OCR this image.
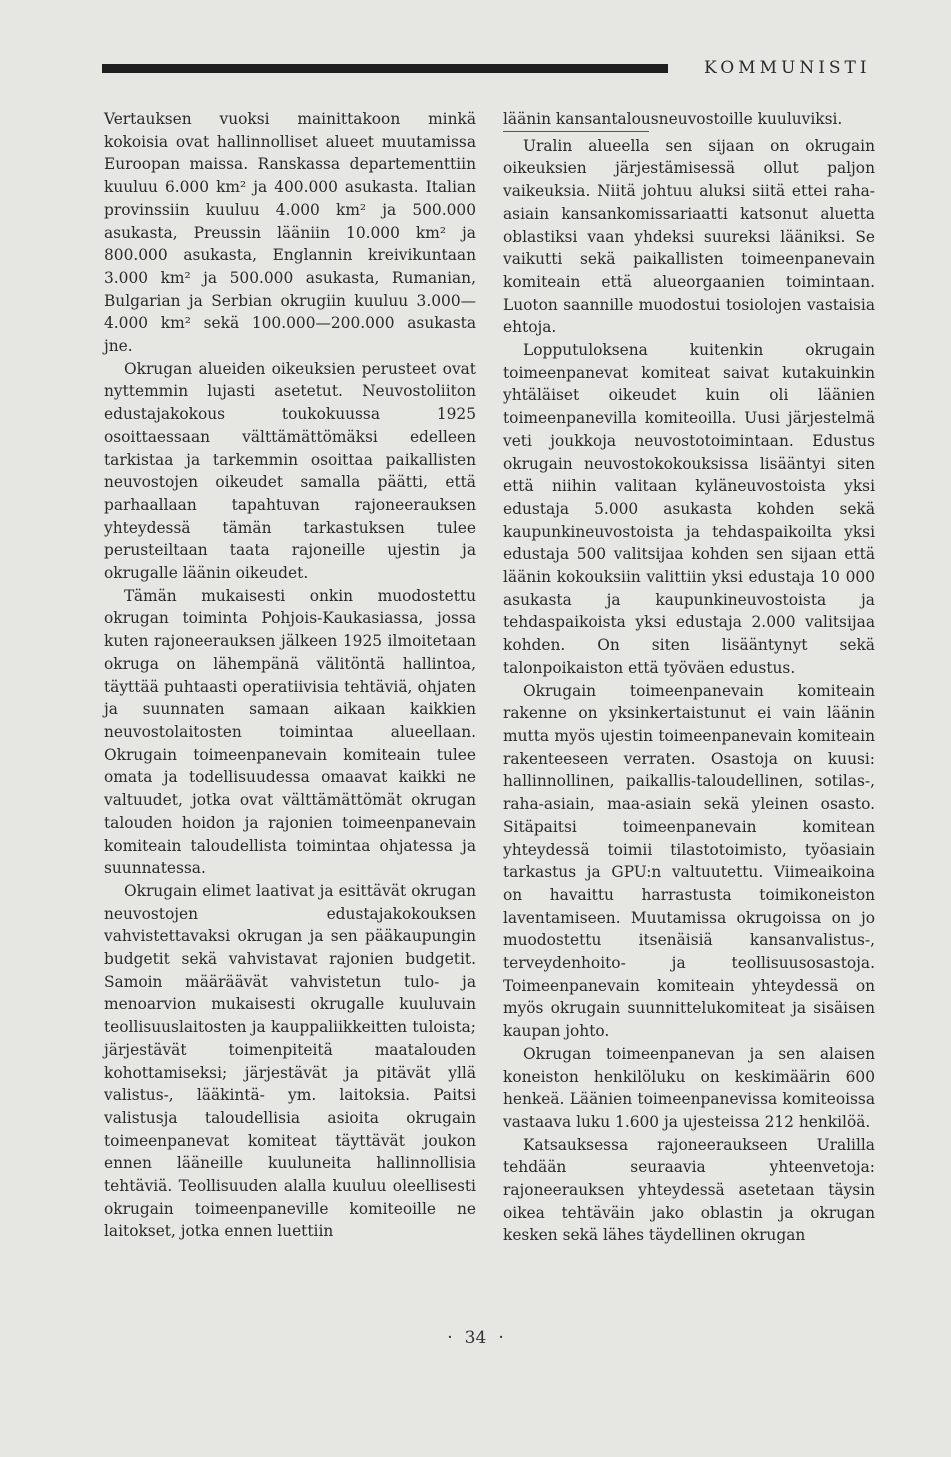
KOMMUNISTI

Vertauksen vuoksi mainittakoon minkä kokoisia ovat hallinnolliset alueet muutamissa Euroopan maissa. Ranskassa departementtiin kuuluu 6.000 km² ja 400.000 asukasta. Italian provinssiin kuuluu 4.000 km² ja 500.000 asukasta, Preussin lääniin 10.000 km² ja 800.000 asukasta, Englannin kreivikuntaan 3.000 km² ja 500.000 asukasta, Rumanian, Bulgarian ja Serbian okrugiin kuuluu 3.000—4.000 km² sekä 100.000—200.000 asukasta jne.

Okrugan alueiden oikeuksien perusteet ovat nyttemmin lujasti asetetut. Neuvostoliiton edustajakokous toukokuussa 1925 osoittaessaan välttämättömäksi edelleen tarkistaa ja tarkemmin osoittaa paikallisten neuvostojen oikeudet samalla päätti, että parhaallaan tapahtuvan rajoneerauksen yhteydessä tämän tarkastuksen tulee perusteiltaan taata rajoneille ujestin ja okrugalle läänin oikeudet.

Tämän mukaisesti onkin muodostettu okrugan toiminta Pohjois-Kaukasiassa, jossa kuten rajoneerauksen jälkeen 1925 ilmoitetaan okruga on lähempänä välitöntä hallintoa, täyttää puhtaasti operatiivisia tehtäviä, ohjaten ja suunnaten samaan aikaan kaikkien neuvostolaitosten toimintaa alueellaan. Okrugain toimeenpanevain komiteain tulee omata ja todellisuudessa omaavat kaikki ne valtuudet, jotka ovat välttämättömät okrugan talouden hoidon ja rajonien toimeenpanevain komiteain taloudellista toimintaa ohjatessa ja suunnatessa.

Okrugain elimet laativat ja esittävät okrugan neuvostojen edustajakokouksen vahvistettavaksi okrugan ja sen pääkaupungin budgetit sekä vahvistavat rajonien budgetit. Samoin määräävät vahvistetun tulo- ja menoarvion mukaisesti okrugalle kuuluvain teollisuuslaitosten ja kauppaliikkeitten tuloista; järjestävät toimenpiteitä maatalouden kohottamiseksi; järjestävät ja pitävät yllä valistus-, lääkintä- ym. laitoksia. Paitsi valistusja taloudellisia asioita okrugain toimeenpanevat komiteat täyttävät joukon ennen lääneille kuuluneita hallinnollisia tehtäviä. Teollisuuden alalla kuuluu oleellisesti okrugain toimeenpaneville komiteoille ne laitokset, jotka ennen luettiin

läänin kansantalousneuvostoille kuuluviksi.

Uralin alueella sen sijaan on okrugain oikeuksien järjestämisessä ollut paljon vaikeuksia. Niitä johtuu aluksi siitä ettei raha-asiain kansankomissariaatti katsonut aluetta oblastiksi vaan yhdeksi suureksi lääniksi. Se vaikutti sekä paikallisten toimeenpanevain komiteain että alueorgaanien toimintaan. Luoton saannille muodostui tosiolojen vastaisia ehtoja.

Lopputuloksena kuitenkin okrugain toimeenpanevat komiteat saivat kutakuinkin yhtäläiset oikeudet kuin oli läänien toimeenpanevilla komiteoilla. Uusi järjestelmä veti joukkoja neuvostotoimintaan. Edustus okrugain neuvostokokouksissa lisääntyi siten että niihin valitaan kyläneuvostoista yksi edustaja 5.000 asukasta kohden sekä kaupunkineuvostoista ja tehdaspaikoilta yksi edustaja 500 valitsijaa kohden sen sijaan että läänin kokouksiin valittiin yksi edustaja 10 000 asukasta ja kaupunkineuvostoista ja tehdaspaikoista yksi edustaja 2.000 valitsijaa kohden. On siten lisääntynyt sekä talonpoikaiston että työväen edustus.

Okrugain toimeenpanevain komiteain rakenne on yksinkertaistunut ei vain läänin mutta myös ujestin toimeenpanevain komiteain rakenteeseen verraten. Osastoja on kuusi: hallinnollinen, paikallis-taloudellinen, sotilas-, raha-asiain, maa-asiain sekä yleinen osasto. Sitäpaitsi toimeenpanevain komitean yhteydessä toimii tilastotoimisto, työasiain tarkastus ja GPU:n valtuutettu. Viimeaikoina on havaittu harrastusta toimikoneiston laventamiseen. Muutamissa okrugoissa on jo muodostettu itsenäisiä kansanvalistus-, terveydenhoito- ja teollisuusosastoja. Toimeenpanevain komiteain yhteydessä on myös okrugain suunnittelukomiteat ja sisäisen kaupan johto.

Okrugan toimeenpanevan ja sen alaisen koneiston henkilöluku on keskimäärin 600 henkeä. Läänien toimeenpanevissa komiteoissa vastaava luku 1.600 ja ujesteissa 212 henkilöä.

Katsauksessa rajoneeraukseen Uralilla tehdään seuraavia yhteenvetoja: rajoneerauksen yhteydessä asetetaan täysin oikea tehtäväin jako oblastin ja okrugan kesken sekä lähes täydellinen okrugan

· 34 ·
